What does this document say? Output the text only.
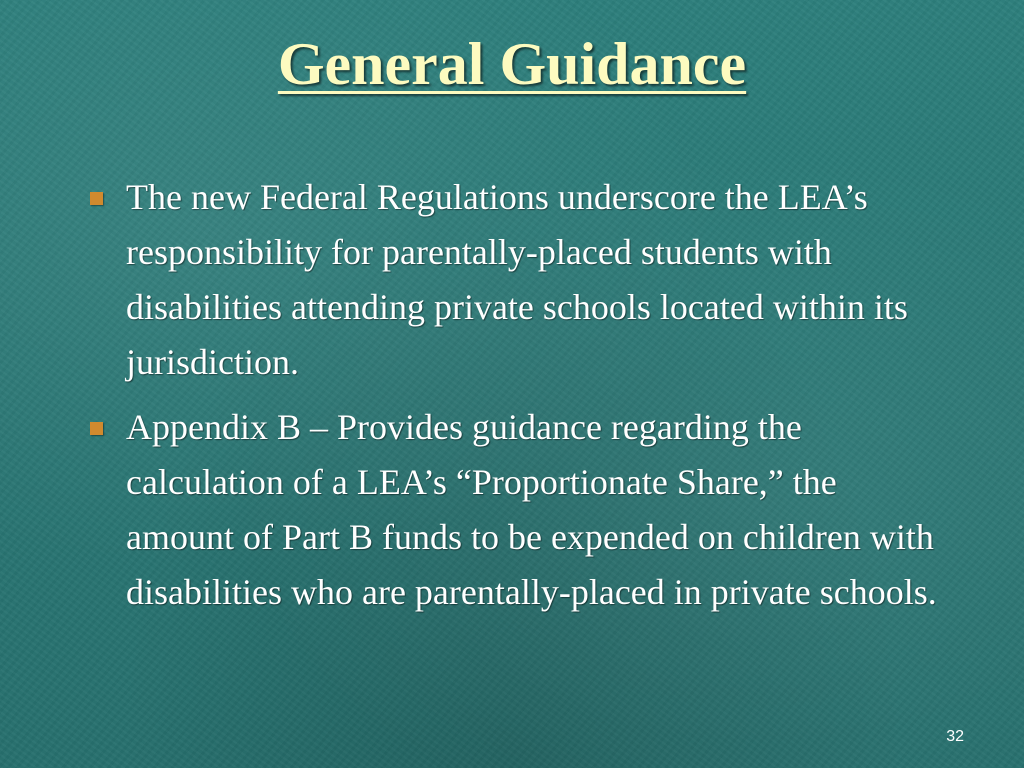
General Guidance
The new Federal Regulations underscore the LEA’s responsibility for parentally-placed students with disabilities attending private schools located within its jurisdiction.
Appendix B – Provides guidance regarding the calculation of a LEA’s “Proportionate Share,” the amount of Part B funds to be expended on children with disabilities who are parentally-placed in private schools.
32
